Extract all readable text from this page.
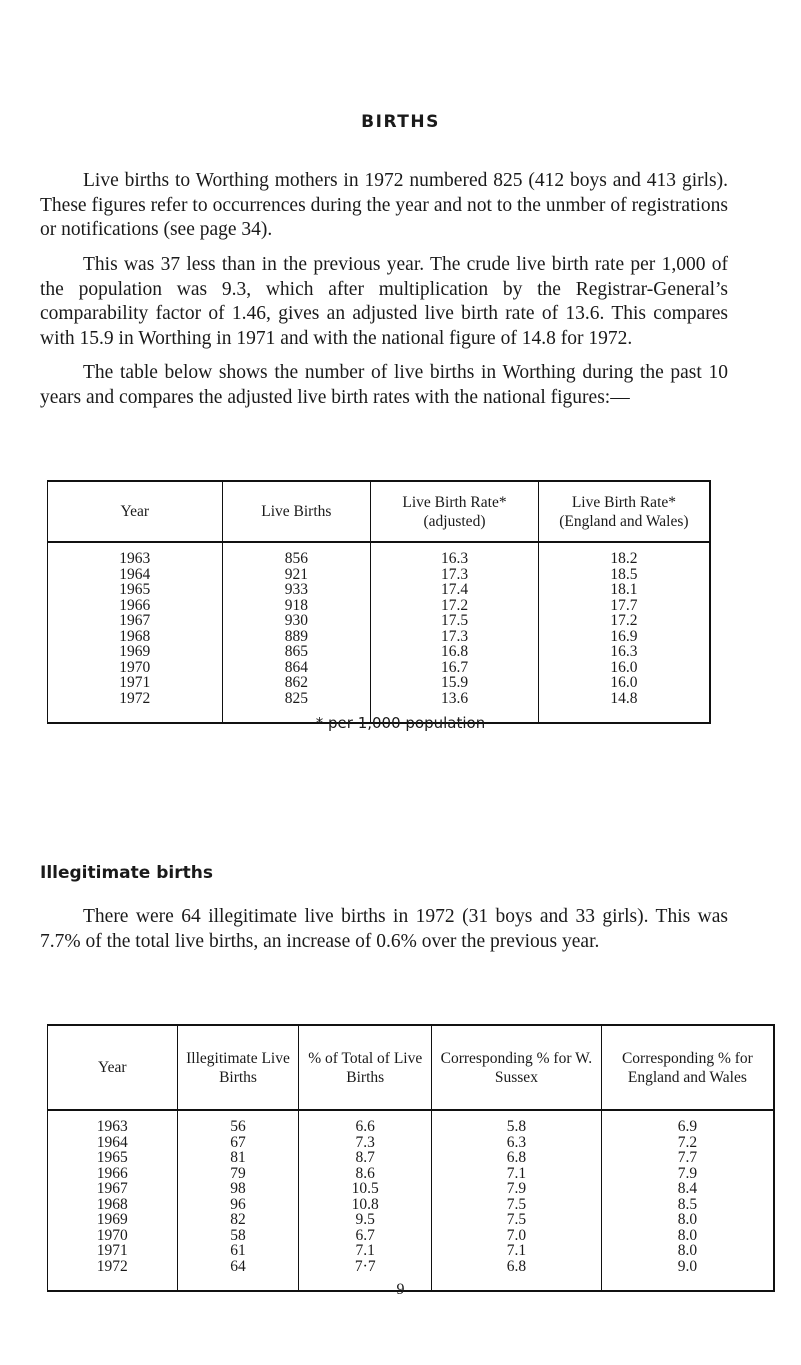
BIRTHS

Live births to Worthing mothers in 1972 numbered 825 (412 boys and 413 girls). These figures refer to occurrences during the year and not to the unmber of registrations or notifications (see page 34).

This was 37 less than in the previous year. The crude live birth rate per 1,000 of the population was 9.3, which after multiplication by the Registrar-General’s comparability factor of 1.46, gives an adjusted live birth rate of 13.6. This compares with 15.9 in Worthing in 1971 and with the national figure of 14.8 for 1972.

The table below shows the number of live births in Worthing during the past 10 years and compares the adjusted live birth rates with the national figures:—

Year	Live Births	Live Birth Rate* (adjusted)	Live Birth Rate* (England and Wales)
1963	856	16.3	18.2
1964	921	17.3	18.5
1965	933	17.4	18.1
1966	918	17.2	17.7
1967	930	17.5	17.2
1968	889	17.3	16.9
1969	865	16.8	16.3
1970	864	16.7	16.0
1971	862	15.9	16.0
1972	825	13.6	14.8
* per 1,000 population
Illegitimate births

There were 64 illegitimate live births in 1972 (31 boys and 33 girls). This was 7.7% of the total live births, an increase of 0.6% over the previous year.

Year	Illegitimate Live Births	% of Total of Live Births	Corresponding % for W. Sussex	Corresponding % for England and Wales
1963	56	6.6	5.8	6.9
1964	67	7.3	6.3	7.2
1965	81	8.7	6.8	7.7
1966	79	8.6	7.1	7.9
1967	98	10.5	7.9	8.4
1968	96	10.8	7.5	8.5
1969	82	9.5	7.5	8.0
1970	58	6.7	7.0	8.0
1971	61	7.1	7.1	8.0
1972	64	7·7	6.8	9.0
9
